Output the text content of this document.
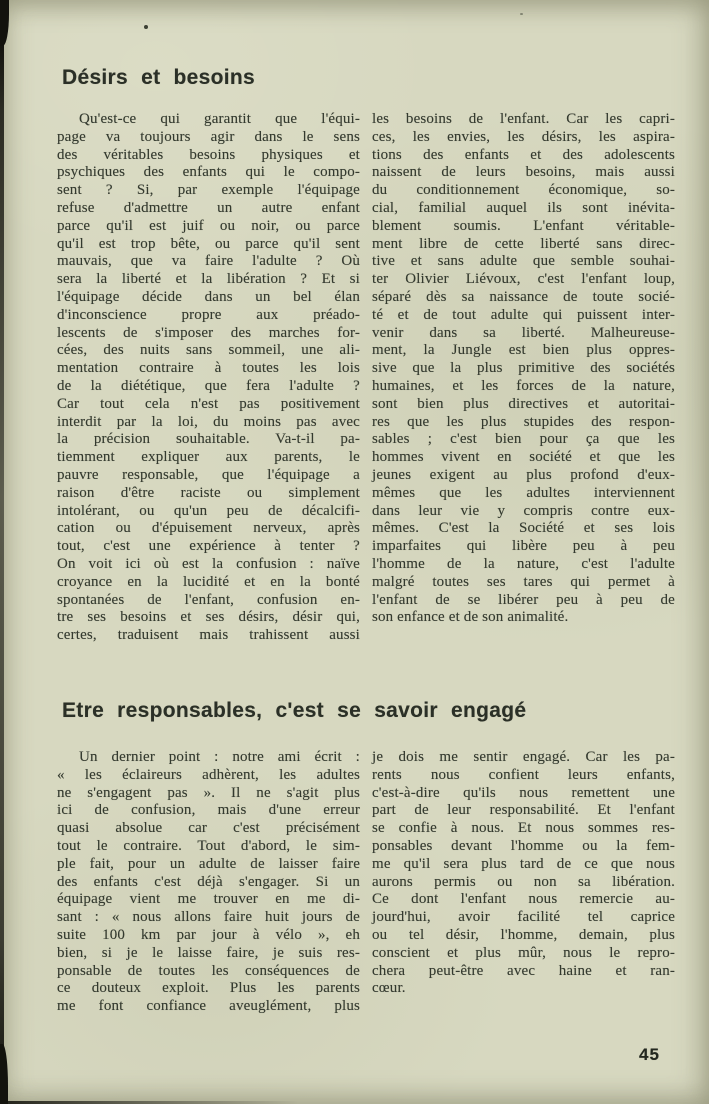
Désirs et besoins
Qu'est-ce qui garantit que l'équi-
page va toujours agir dans le sens
des véritables besoins physiques et
psychiques des enfants qui le compo-
sent ? Si, par exemple l'équipage
refuse d'admettre un autre enfant
parce qu'il est juif ou noir, ou parce
qu'il est trop bête, ou parce qu'il sent
mauvais, que va faire l'adulte ? Où
sera la liberté et la libération ? Et si
l'équipage décide dans un bel élan
d'inconscience propre aux préado-
lescents de s'imposer des marches for-
cées, des nuits sans sommeil, une ali-
mentation contraire à toutes les lois
de la diététique, que fera l'adulte ?
Car tout cela n'est pas positivement
interdit par la loi, du moins pas avec
la précision souhaitable. Va-t-il pa-
tiemment expliquer aux parents, le
pauvre responsable, que l'équipage a
raison d'être raciste ou simplement
intolérant, ou qu'un peu de décalcifi-
cation ou d'épuisement nerveux, après
tout, c'est une expérience à tenter ?
On voit ici où est la confusion : naïve
croyance en la lucidité et en la bonté
spontanées de l'enfant, confusion en-
tre ses besoins et ses désirs, désir qui,
certes, traduisent mais trahissent aussi
les besoins de l'enfant. Car les capri-
ces, les envies, les désirs, les aspira-
tions des enfants et des adolescents
naissent de leurs besoins, mais aussi
du conditionnement économique, so-
cial, familial auquel ils sont inévita-
blement soumis. L'enfant véritable-
ment libre de cette liberté sans direc-
tive et sans adulte que semble souhai-
ter Olivier Liévoux, c'est l'enfant loup,
séparé dès sa naissance de toute socié-
té et de tout adulte qui puissent inter-
venir dans sa liberté. Malheureuse-
ment, la Jungle est bien plus oppres-
sive que la plus primitive des sociétés
humaines, et les forces de la nature,
sont bien plus directives et autoritai-
res que les plus stupides des respon-
sables ; c'est bien pour ça que les
hommes vivent en société et que les
jeunes exigent au plus profond d'eux-
mêmes que les adultes interviennent
dans leur vie y compris contre eux-
mêmes. C'est la Société et ses lois
imparfaites qui libère peu à peu
l'homme de la nature, c'est l'adulte
malgré toutes ses tares qui permet à
l'enfant de se libérer peu à peu de
son enfance et de son animalité.
Etre responsables, c'est se savoir engagé
Un dernier point : notre ami écrit :
« les éclaireurs adhèrent, les adultes
ne s'engagent pas ». Il ne s'agit plus
ici de confusion, mais d'une erreur
quasi absolue car c'est précisément
tout le contraire. Tout d'abord, le sim-
ple fait, pour un adulte de laisser faire
des enfants c'est déjà s'engager. Si un
équipage vient me trouver en me di-
sant : « nous allons faire huit jours de
suite 100 km par jour à vélo », eh
bien, si je le laisse faire, je suis res-
ponsable de toutes les conséquences de
ce douteux exploit. Plus les parents
me font confiance aveuglément, plus
je dois me sentir engagé. Car les pa-
rents nous confient leurs enfants,
c'est-à-dire qu'ils nous remettent une
part de leur responsabilité. Et l'enfant
se confie à nous. Et nous sommes res-
ponsables devant l'homme ou la fem-
me qu'il sera plus tard de ce que nous
aurons permis ou non sa libération.
Ce dont l'enfant nous remercie au-
jourd'hui, avoir facilité tel caprice
ou tel désir, l'homme, demain, plus
conscient et plus mûr, nous le repro-
chera peut-être avec haine et ran-
cœur.
45
